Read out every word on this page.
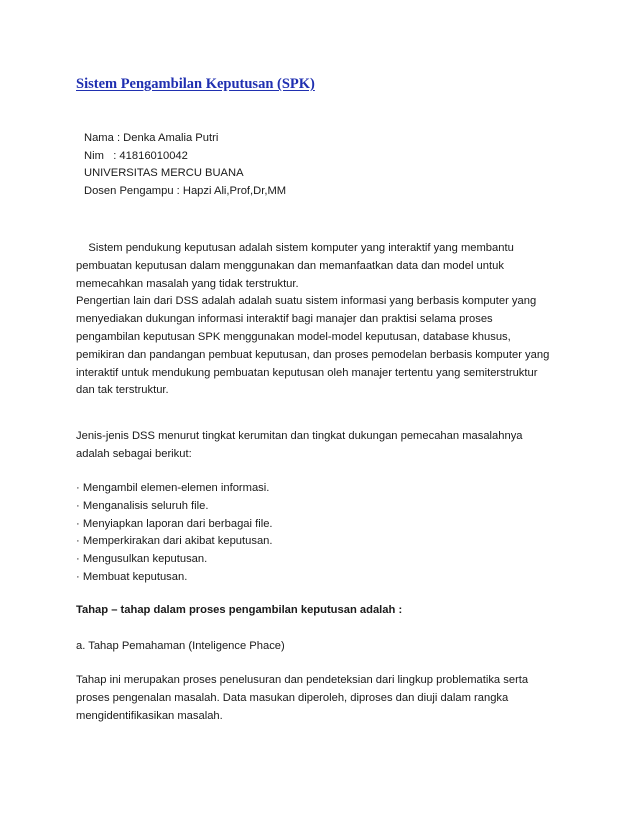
Sistem Pengambilan Keputusan (SPK)
Nama : Denka Amalia Putri
Nim   : 41816010042
UNIVERSITAS MERCU BUANA
Dosen Pengampu : Hapzi Ali,Prof,Dr,MM
Sistem pendukung keputusan adalah sistem komputer yang interaktif yang membantu
pembuatan keputusan dalam menggunakan dan memanfaatkan data dan model untuk
memecahkan masalah yang tidak terstruktur.
Pengertian lain dari DSS adalah adalah suatu sistem informasi yang berbasis komputer yang
menyediakan dukungan informasi interaktif bagi manajer dan praktisi selama proses
pengambilan keputusan SPK menggunakan model-model keputusan, database khusus,
pemikiran dan pandangan pembuat keputusan, dan proses pemodelan berbasis komputer yang
interaktif untuk mendukung pembuatan keputusan oleh manajer tertentu yang semiterstruktur
dan tak terstruktur.
Jenis-jenis DSS menurut tingkat kerumitan dan tingkat dukungan pemecahan masalahnya
adalah sebagai berikut:
· Mengambil elemen-elemen informasi.
· Menganalisis seluruh file.
· Menyiapkan laporan dari berbagai file.
· Memperkirakan dari akibat keputusan.
· Mengusulkan keputusan.
· Membuat keputusan.
Tahap – tahap dalam proses pengambilan keputusan adalah :
a. Tahap Pemahaman (Inteligence Phace)
Tahap ini merupakan proses penelusuran dan pendeteksian dari lingkup problematika serta
proses pengenalan masalah. Data masukan diperoleh, diproses dan diuji dalam rangka
mengidentifikasikan masalah.
